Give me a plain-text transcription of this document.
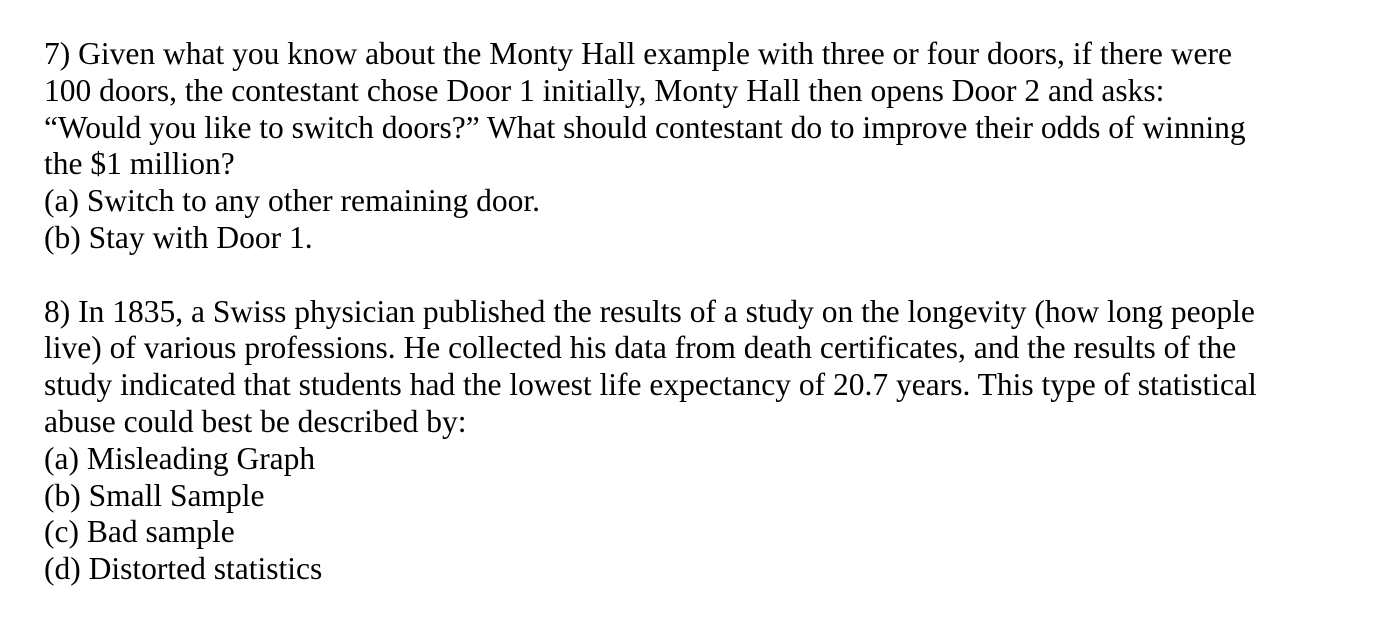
7) Given what you know about the Monty Hall example with three or four doors, if there were
100 doors, the contestant chose Door 1 initially, Monty Hall then opens Door 2 and asks:
“Would you like to switch doors?” What should contestant do to improve their odds of winning
the $1 million?
(a) Switch to any other remaining door.
(b) Stay with Door 1.
8) In 1835, a Swiss physician published the results of a study on the longevity (how long people
live) of various professions. He collected his data from death certificates, and the results of the
study indicated that students had the lowest life expectancy of 20.7 years. This type of statistical
abuse could best be described by:
(a) Misleading Graph
(b) Small Sample
(c) Bad sample
(d) Distorted statistics
